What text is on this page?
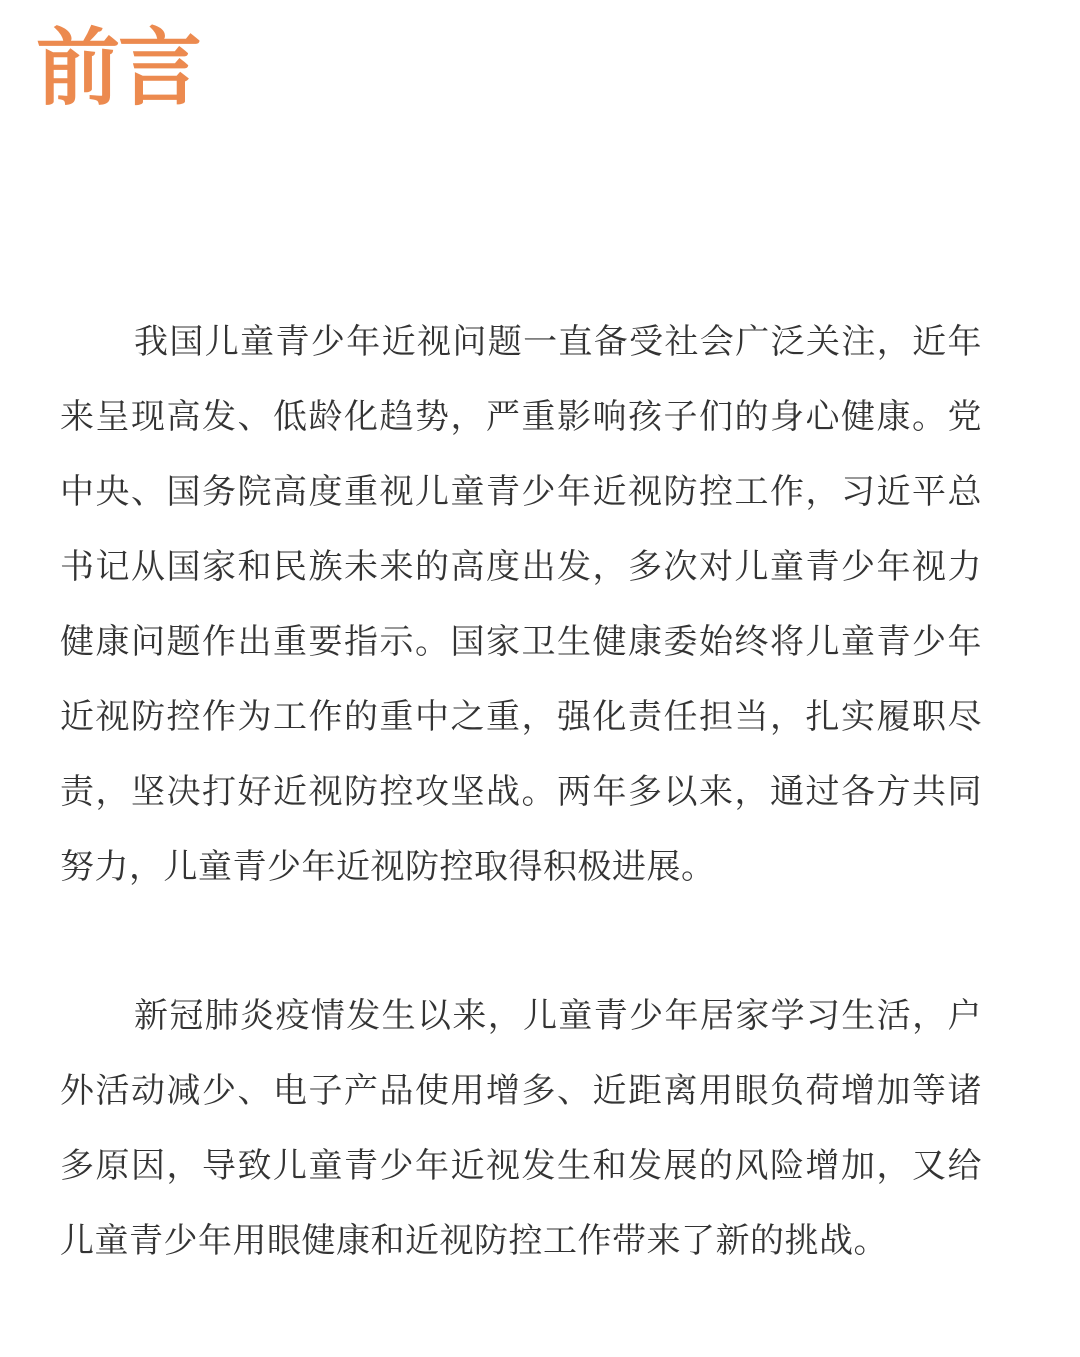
前言

我国儿童青少年近视问题一直备受社会广泛关注，近年来呈现高发、低龄化趋势，严重影响孩子们的身心健康。党中央、国务院高度重视儿童青少年近视防控工作，习近平总书记从国家和民族未来的高度出发，多次对儿童青少年视力健康问题作出重要指示。国家卫生健康委始终将儿童青少年近视防控作为工作的重中之重，强化责任担当，扎实履职尽责，坚决打好近视防控攻坚战。两年多以来，通过各方共同努力，儿童青少年近视防控取得积极进展。

新冠肺炎疫情发生以来，儿童青少年居家学习生活，户外活动减少、电子产品使用增多、近距离用眼负荷增加等诸多原因，导致儿童青少年近视发生和发展的风险增加，又给儿童青少年用眼健康和近视防控工作带来了新的挑战。
